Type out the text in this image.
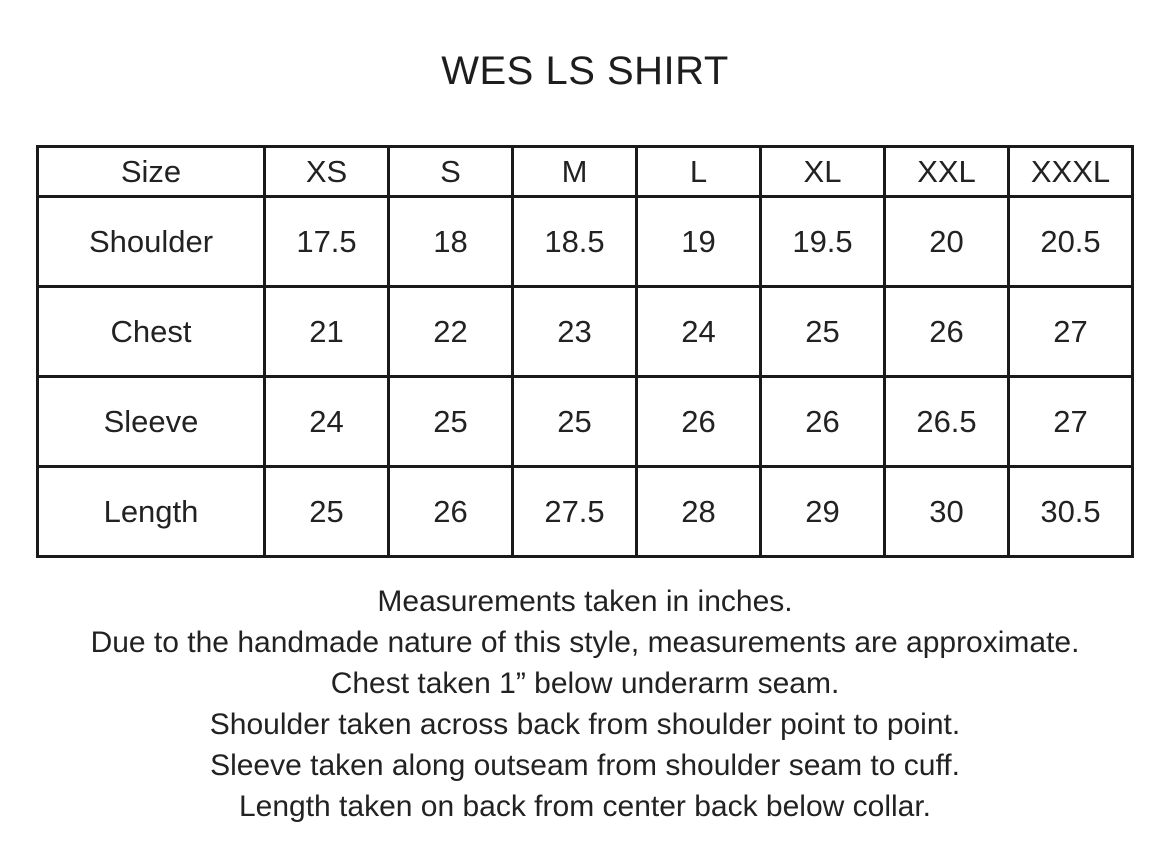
WES LS SHIRT
Size	XS	S	M	L	XL	XXL	XXXL
Shoulder	17.5	18	18.5	19	19.5	20	20.5
Chest	21	22	23	24	25	26	27
Sleeve	24	25	25	26	26	26.5	27
Length	25	26	27.5	28	29	30	30.5
Measurements taken in inches.
Due to the handmade nature of this style, measurements are approximate.
Chest taken 1” below underarm seam.
Shoulder taken across back from shoulder point to point.
Sleeve taken along outseam from shoulder seam to cuff.
Length taken on back from center back below collar.
